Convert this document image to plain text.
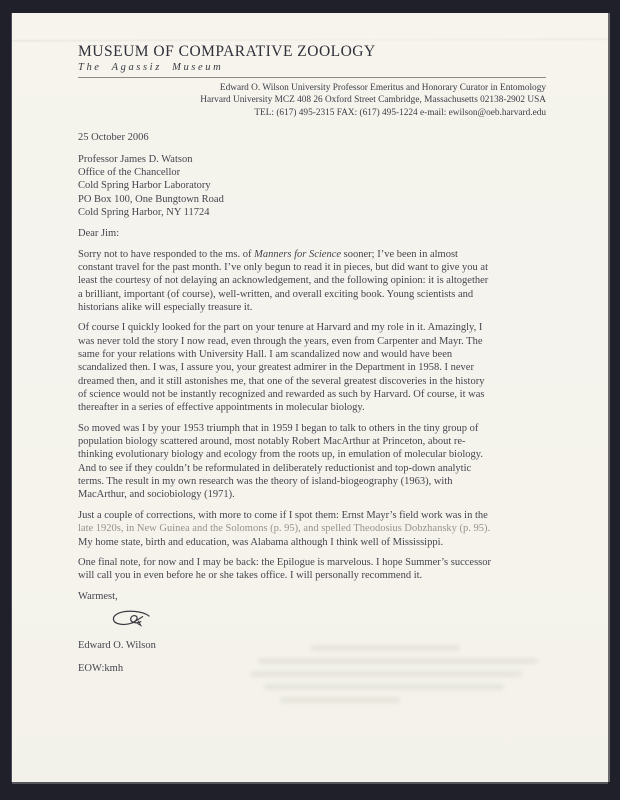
MUSEUM OF COMPARATIVE ZOOLOGY
The Agassiz Museum
Edward O. Wilson University Professor Emeritus and Honorary Curator in Entomology
Harvard University MCZ 408 26 Oxford Street Cambridge, Massachusetts 02138-2902 USA
TEL: (617) 495-2315 FAX: (617) 495-1224 e-mail: ewilson@oeb.harvard.edu
25 October 2006
Professor James D. Watson
Office of the Chancellor
Cold Spring Harbor Laboratory
PO Box 100, One Bungtown Road
Cold Spring Harbor, NY 11724
Dear Jim:
Sorry not to have responded to the ms. of Manners for Science sooner; I’ve been in almost
constant travel for the past month. I’ve only begun to read it in pieces, but did want to give you at
least the courtesy of not delaying an acknowledgement, and the following opinion: it is altogether
a brilliant, important (of course), well-written, and overall exciting book. Young scientists and
historians alike will especially treasure it.
Of course I quickly looked for the part on your tenure at Harvard and my role in it. Amazingly, I
was never told the story I now read, even through the years, even from Carpenter and Mayr. The
same for your relations with University Hall. I am scandalized now and would have been
scandalized then. I was, I assure you, your greatest admirer in the Department in 1958. I never
dreamed then, and it still astonishes me, that one of the several greatest discoveries in the history
of science would not be instantly recognized and rewarded as such by Harvard. Of course, it was
thereafter in a series of effective appointments in molecular biology.
So moved was I by your 1953 triumph that in 1959 I began to talk to others in the tiny group of
population biology scattered around, most notably Robert MacArthur at Princeton, about re-
thinking evolutionary biology and ecology from the roots up, in emulation of molecular biology.
And to see if they couldn’t be reformulated in deliberately reductionist and top-down analytic
terms. The result in my own research was the theory of island-biogeography (1963), with
MacArthur, and sociobiology (1971).
Just a couple of corrections, with more to come if I spot them: Ernst Mayr’s field work was in the
late 1920s, in New Guinea and the Solomons (p. 95), and spelled Theodosius Dobzhansky (p. 95).
My home state, birth and education, was Alabama although I think well of Mississippi.
One final note, for now and I may be back: the Epilogue is marvelous. I hope Summer’s successor
will call you in even before he or she takes office. I will personally recommend it.
Warmest,
Edward O. Wilson
EOW:kmh
